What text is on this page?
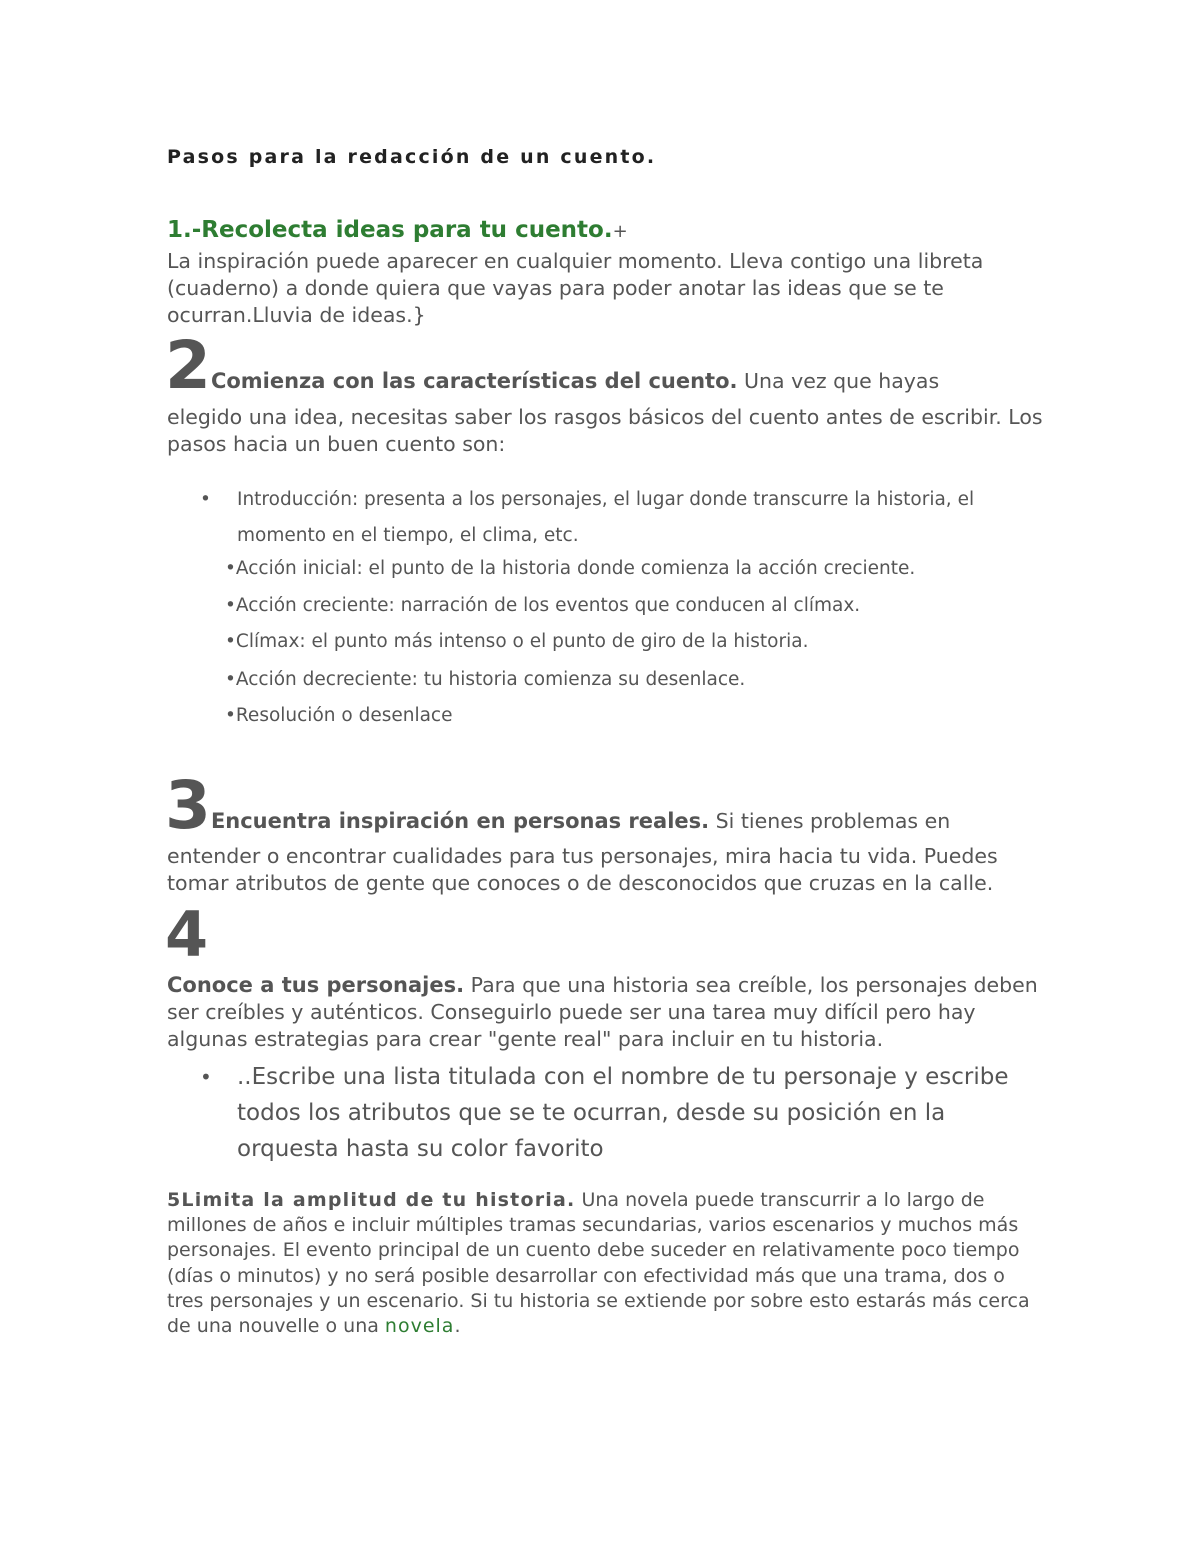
Pasos para la redacción de un cuento.
1.-Recolecta ideas para tu cuento.+

La inspiración puede aparecer en cualquier momento. Lleva contigo una libreta (cuaderno) a donde quiera que vayas para poder anotar las ideas que se te ocurran.Lluvia de ideas.}

2Comienza con las características del cuento. Una vez que hayas

elegido una idea, necesitas saber los rasgos básicos del cuento antes de escribir. Los pasos hacia un buen cuento son:

• Introducción: presenta a los personajes, el lugar donde transcurre la historia, el momento en el tiempo, el clima, etc.

•Acción inicial: el punto de la historia donde comienza la acción creciente.

•Acción creciente: narración de los eventos que conducen al clímax.

•Clímax: el punto más intenso o el punto de giro de la historia.

•Acción decreciente: tu historia comienza su desenlace.

•Resolución o desenlace

3Encuentra inspiración en personas reales. Si tienes problemas en

entender o encontrar cualidades para tus personajes, mira hacia tu vida. Puedes tomar atributos de gente que conoces o de desconocidos que cruzas en la calle.

4

Conoce a tus personajes. Para que una historia sea creíble, los personajes deben ser creíbles y auténticos. Conseguirlo puede ser una tarea muy difícil pero hay algunas estrategias para crear "gente real" para incluir en tu historia.

• ..Escribe una lista titulada con el nombre de tu personaje y escribe todos los atributos que se te ocurran, desde su posición en la orquesta hasta su color favorito

5Limita la amplitud de tu historia. Una novela puede transcurrir a lo largo de millones de años e incluir múltiples tramas secundarias, varios escenarios y muchos más personajes. El evento principal de un cuento debe suceder en relativamente poco tiempo (días o minutos) y no será posible desarrollar con efectividad más que una trama, dos o tres personajes y un escenario. Si tu historia se extiende por sobre esto estarás más cerca de una nouvelle o una novela.
